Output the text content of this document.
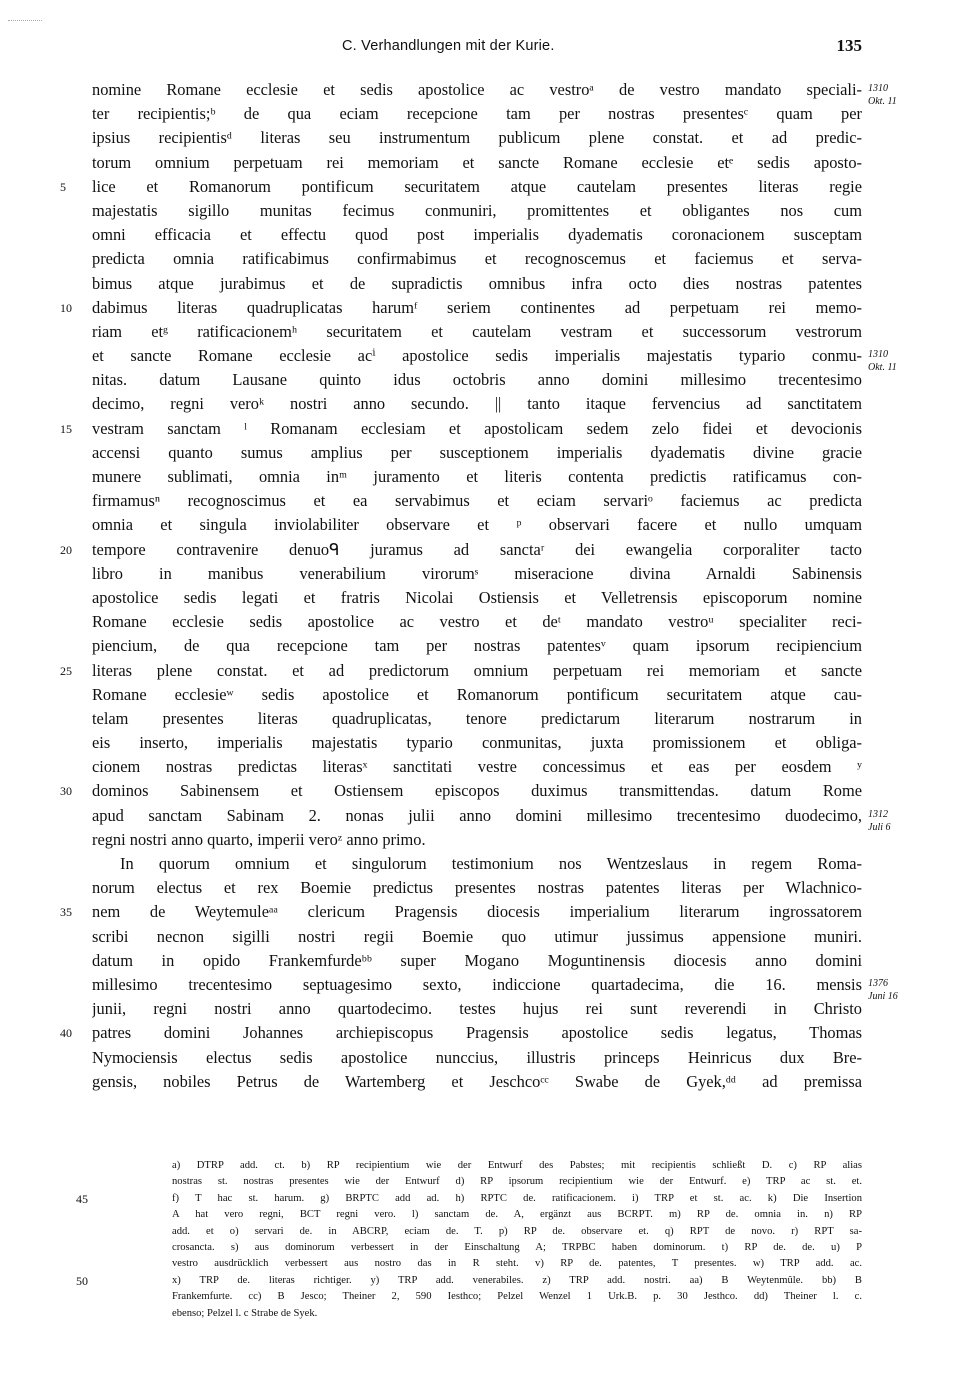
C. Verhandlungen mit der Kurie.	135
nomine Romane ecclesie et sedis apostolice ac vestroᵃ de vestro mandato speciali-
ter recipientis;ᵇ de qua eciam recepcione tam per nostras presentesᶜ quam per
ipsius recipientisᵈ literas seu instrumentum publicum plene constat. et ad predic-
torum omnium perpetuam rei memoriam et sancte Romane ecclesie etᵉ sedis aposto-
5	lice et Romanorum pontificum securitatem atque cautelam presentes literas regie
majestatis sigillo munitas fecimus conmuniri, promittentes et obligantes nos cum
omni efficacia et effectu quod post imperialis dyadematis coronacionem susceptam
predicta omnia ratificabimus confirmabimus et recognoscemus et faciemus et serva-
bimus atque jurabimus et de supradictis omnibus infra octo dies nostras patentes
10	dabimus literas quadruplicatas harumᶠ seriem continentes ad perpetuam rei memo-
riam etᵍ ratificacionemʰ securitatem et cautelam vestram et successorum vestrorum
et sancte Romane ecclesie acⁱ apostolice sedis imperialis majestatis typario conmu-
nitas. datum Lausane quinto idus octobris anno domini millesimo trecentesimo
decimo, regni veroᵏ nostri anno secundo. || tanto itaque fervencius ad sanctitatem
15	vestram sanctam ˡ Romanam ecclesiam et apostolicam sedem zelo fidei et devocionis
accensi quanto sumus amplius per susceptionem imperialis dyadematis divine gracie
munere sublimati, omnia inᵐ juramento et literis contenta predictis ratificamus con-
firmamusⁿ recognoscimus et ea servabimus et eciam servariᵒ faciemus ac predicta
omnia et singula inviolabiliter observare et ᵖ observari facere et nullo umquam
20	tempore contravenire denuoᑫ juramus ad sanctaʳ dei ewangelia corporaliter tacto
libro in manibus venerabilium virorumˢ miseracione divina Arnaldi Sabinensis
apostolice sedis legati et fratris Nicolai Ostiensis et Velletrensis episcoporum nomine
Romane ecclesie sedis apostolice ac vestro et deᵗ mandato vestroᵘ specialiter reci-
piencium, de qua recepcione tam per nostras patentesᵛ quam ipsorum recipiencium
25	literas plene constat. et ad predictorum omnium perpetuam rei memoriam et sancte
Romane ecclesieʷ sedis apostolice et Romanorum pontificum securitatem atque cau-
telam presentes literas quadruplicatas, tenore predictarum literarum nostrarum in
eis inserto, imperialis majestatis typario conmunitas, juxta promissionem et obliga-
cionem nostras predictas literasˣ sanctitati vestre concessimus et eas per eosdem ʸ
30	dominos Sabinensem et Ostiensem episcopos duximus transmittendas. datum Rome
apud sanctam Sabinam 2. nonas julii anno domini millesimo trecentesimo duodecimo,
regni nostri anno quarto, imperii veroᶻ anno primo.
In quorum omnium et singulorum testimonium nos Wentzeslaus in regem Roma-
norum electus et rex Boemie predictus presentes nostras patentes literas per Wlachnico-
35	nem de Weytemuleᵃᵃ clericum Pragensis diocesis imperialium literarum ingrossatorem
scribi necnon sigilli nostri regii Boemie quo utimur jussimus appensione muniri.
datum in opido Frankemfurdeᵇᵇ super Mogano Moguntinensis diocesis anno domini
millesimo trecentesimo septuagesimo sexto, indiccione quartadecima, die 16. mensis
junii, regni nostri anno quartodecimo. testes hujus rei sunt reverendi in Christo
40	patres domini Johannes archiepiscopus Pragensis apostolice sedis legatus, Thomas
Nymociensis electus sedis apostolice nunccius, illustris princeps Heinricus dux Bre-
gensis, nobiles Petrus de Wartemberg et Jeschcoᶜᶜ Swabe de Gyek,ᵈᵈ ad premissa
1310
Okt. 11
1310
Okt. 11
1312
Juli 6
1376
Juni 16
a) DTRP add. ct. b) RP recipientium wie der Entwurf des Pabstes; mit recipientis schließt D. c) RP alias
nostras st. nostras presentes wie der Entwurf d) RP ipsorum recipientium wie der Entwurf. e) TRP ac st. et.
45	f) T hac st. harum. g) BRPTC add ad. h) RPTC de. ratificacionem. i) TRP et st. ac. k) Die Insertion
A hat vero regni, BCT regni vero. l) sanctam de. A, ergänzt aus BCRPT. m) RP de. omnia in. n) RP
add. et o) servari de. in ABCRP, eciam de. T. p) RP de. observare et. q) RPT de novo. r) RPT sa-
crosancta. s) aus dominorum verbessert in der Einschaltung A; TRPBC haben dominorum. t) RP de. de. u) P
vestro ausdrücklich verbessert aus nostro das in R steht. v) RP de. patentes, T presentes. w) TRP add. ac.
50	x) TRP de. literas richtiger. y) TRP add. venerabiles. z) TRP add. nostri. aa) B Weytenmûle. bb) B
Frankemfurte. cc) B Jesco; Theiner 2, 590 Iesthco; Pelzel Wenzel 1 Urk.B. p. 30 Jesthco. dd) Theiner l. c.
ebenso; Pelzel l. c Strabe de Syek.
